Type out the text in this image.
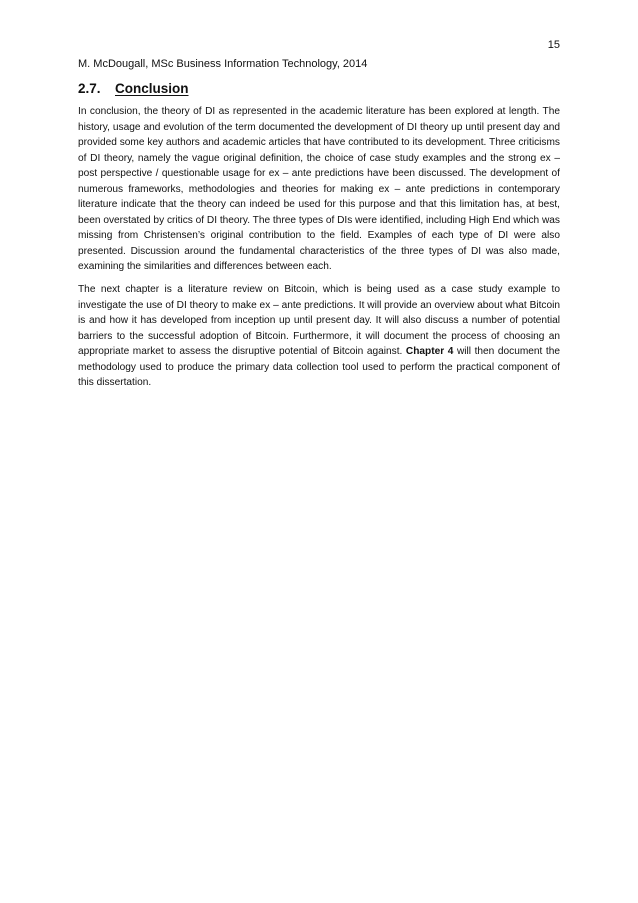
15
M. McDougall, MSc Business Information Technology, 2014
2.7. Conclusion

In conclusion, the theory of DI as represented in the academic literature has been explored at length. The history, usage and evolution of the term documented the development of DI theory up until present day and provided some key authors and academic articles that have contributed to its development. Three criticisms of DI theory, namely the vague original definition, the choice of case study examples and the strong ex – post perspective / questionable usage for ex – ante predictions have been discussed. The development of numerous frameworks, methodologies and theories for making ex – ante predictions in contemporary literature indicate that the theory can indeed be used for this purpose and that this limitation has, at best, been overstated by critics of DI theory. The three types of DIs were identified, including High End which was missing from Christensen’s original contribution to the field. Examples of each type of DI were also presented. Discussion around the fundamental characteristics of the three types of DI was also made, examining the similarities and differences between each.

The next chapter is a literature review on Bitcoin, which is being used as a case study example to investigate the use of DI theory to make ex – ante predictions. It will provide an overview about what Bitcoin is and how it has developed from inception up until present day. It will also discuss a number of potential barriers to the successful adoption of Bitcoin. Furthermore, it will document the process of choosing an appropriate market to assess the disruptive potential of Bitcoin against. Chapter 4 will then document the methodology used to produce the primary data collection tool used to perform the practical component of this dissertation.
